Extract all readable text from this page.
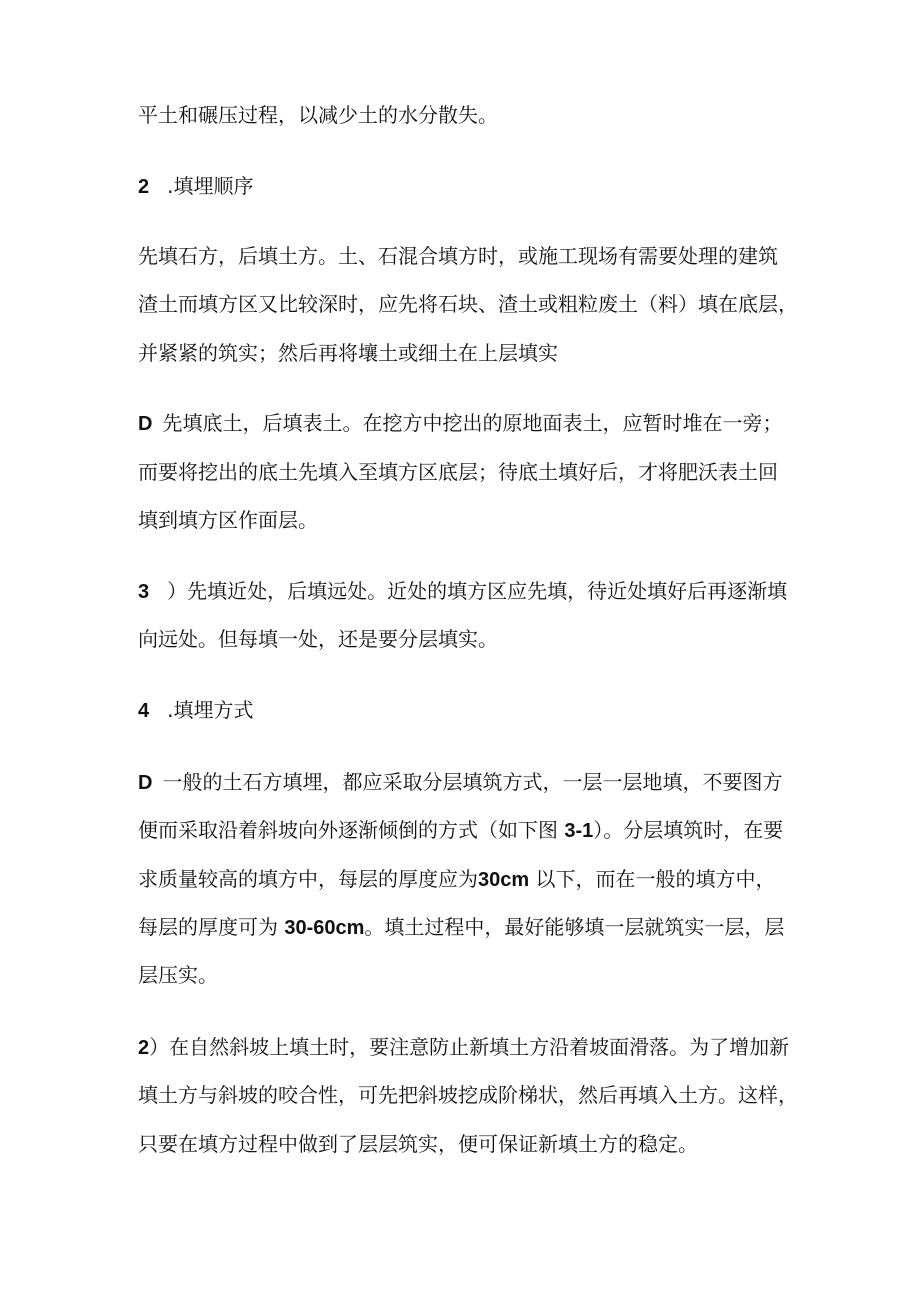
平土和碾压过程，以减少土的水分散失。
2 .填埋顺序
先填石方，后填土方。土、石混合填方时，或施工现场有需要处理的建筑
渣土而填方区又比较深时，应先将石块、渣土或粗粒废土（料）填在底层，
并紧紧的筑实；然后再将壤土或细土在上层填实
D 先填底土，后填表土。在挖方中挖出的原地面表土，应暂时堆在一旁；
而要将挖出的底土先填入至填方区底层；待底土填好后，才将肥沃表土回
填到填方区作面层。
3 ）先填近处，后填远处。近处的填方区应先填，待近处填好后再逐渐填
向远处。但每填一处，还是要分层填实。
4 .填埋方式
D 一般的土石方填埋，都应采取分层填筑方式，一层一层地填，不要图方
便而采取沿着斜坡向外逐渐倾倒的方式（如下图 3-1）。分层填筑时，在要
求质量较高的填方中，每层的厚度应为30cm 以下，而在一般的填方中，
每层的厚度可为 30-60cm。填土过程中，最好能够填一层就筑实一层，层
层压实。
2）在自然斜坡上填土时，要注意防止新填土方沿着坡面滑落。为了增加新
填土方与斜坡的咬合性，可先把斜坡挖成阶梯状，然后再填入土方。这样，
只要在填方过程中做到了层层筑实，便可保证新填土方的稳定。
